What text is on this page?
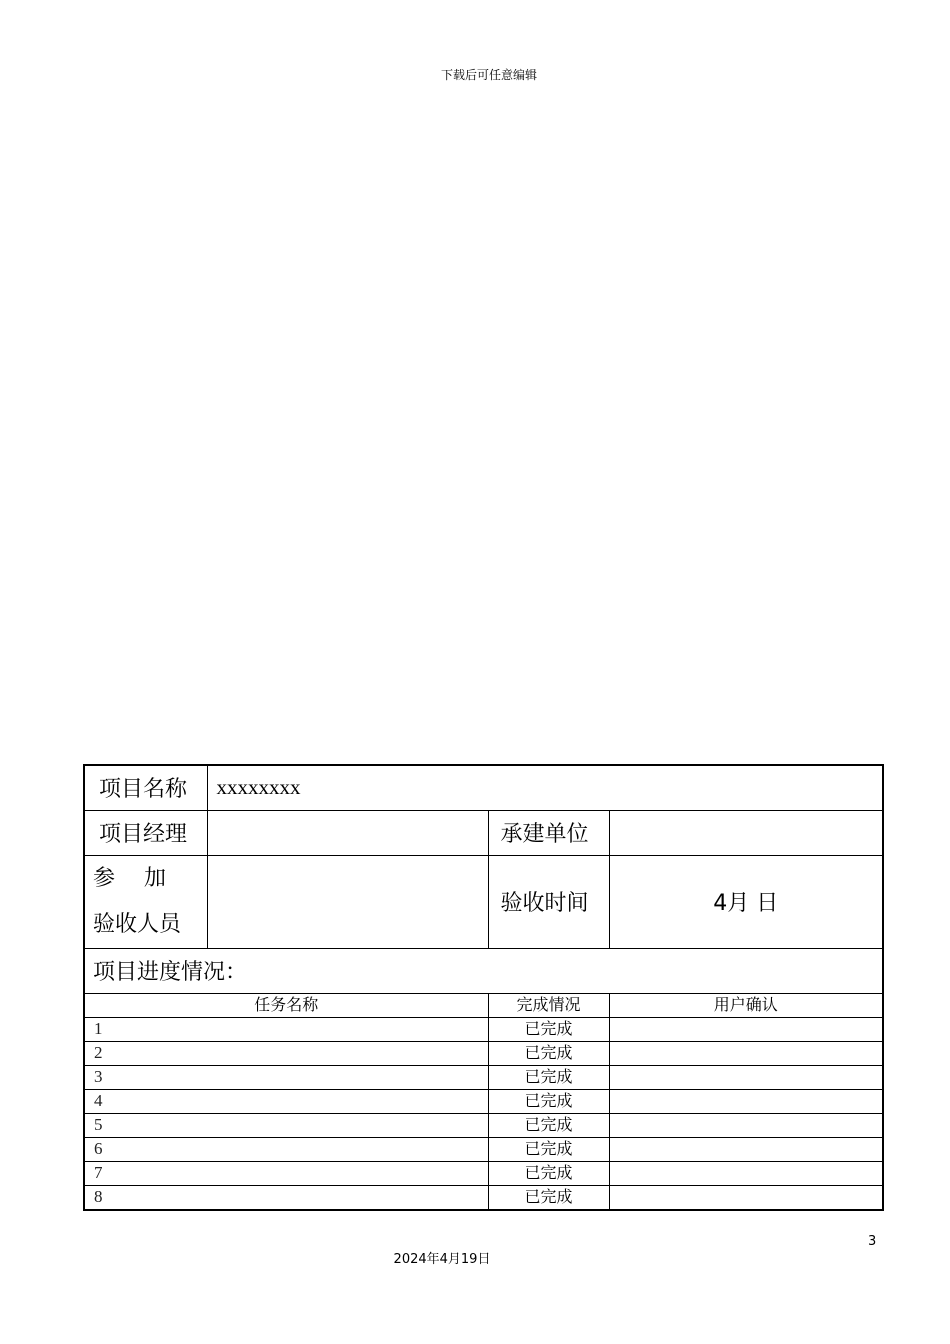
下载后可任意编辑
项目名称	xxxxxxxx		
项目经理		承建单位	

参　 加
验收人员		验收时间	4月 日
项目进度情况：			
任务名称		完成情况	用户确认
1		已完成	
2		已完成	
3		已完成	
4		已完成	
5		已完成	
6		已完成	
7		已完成	
8		已完成	
3
2024年4月19日
